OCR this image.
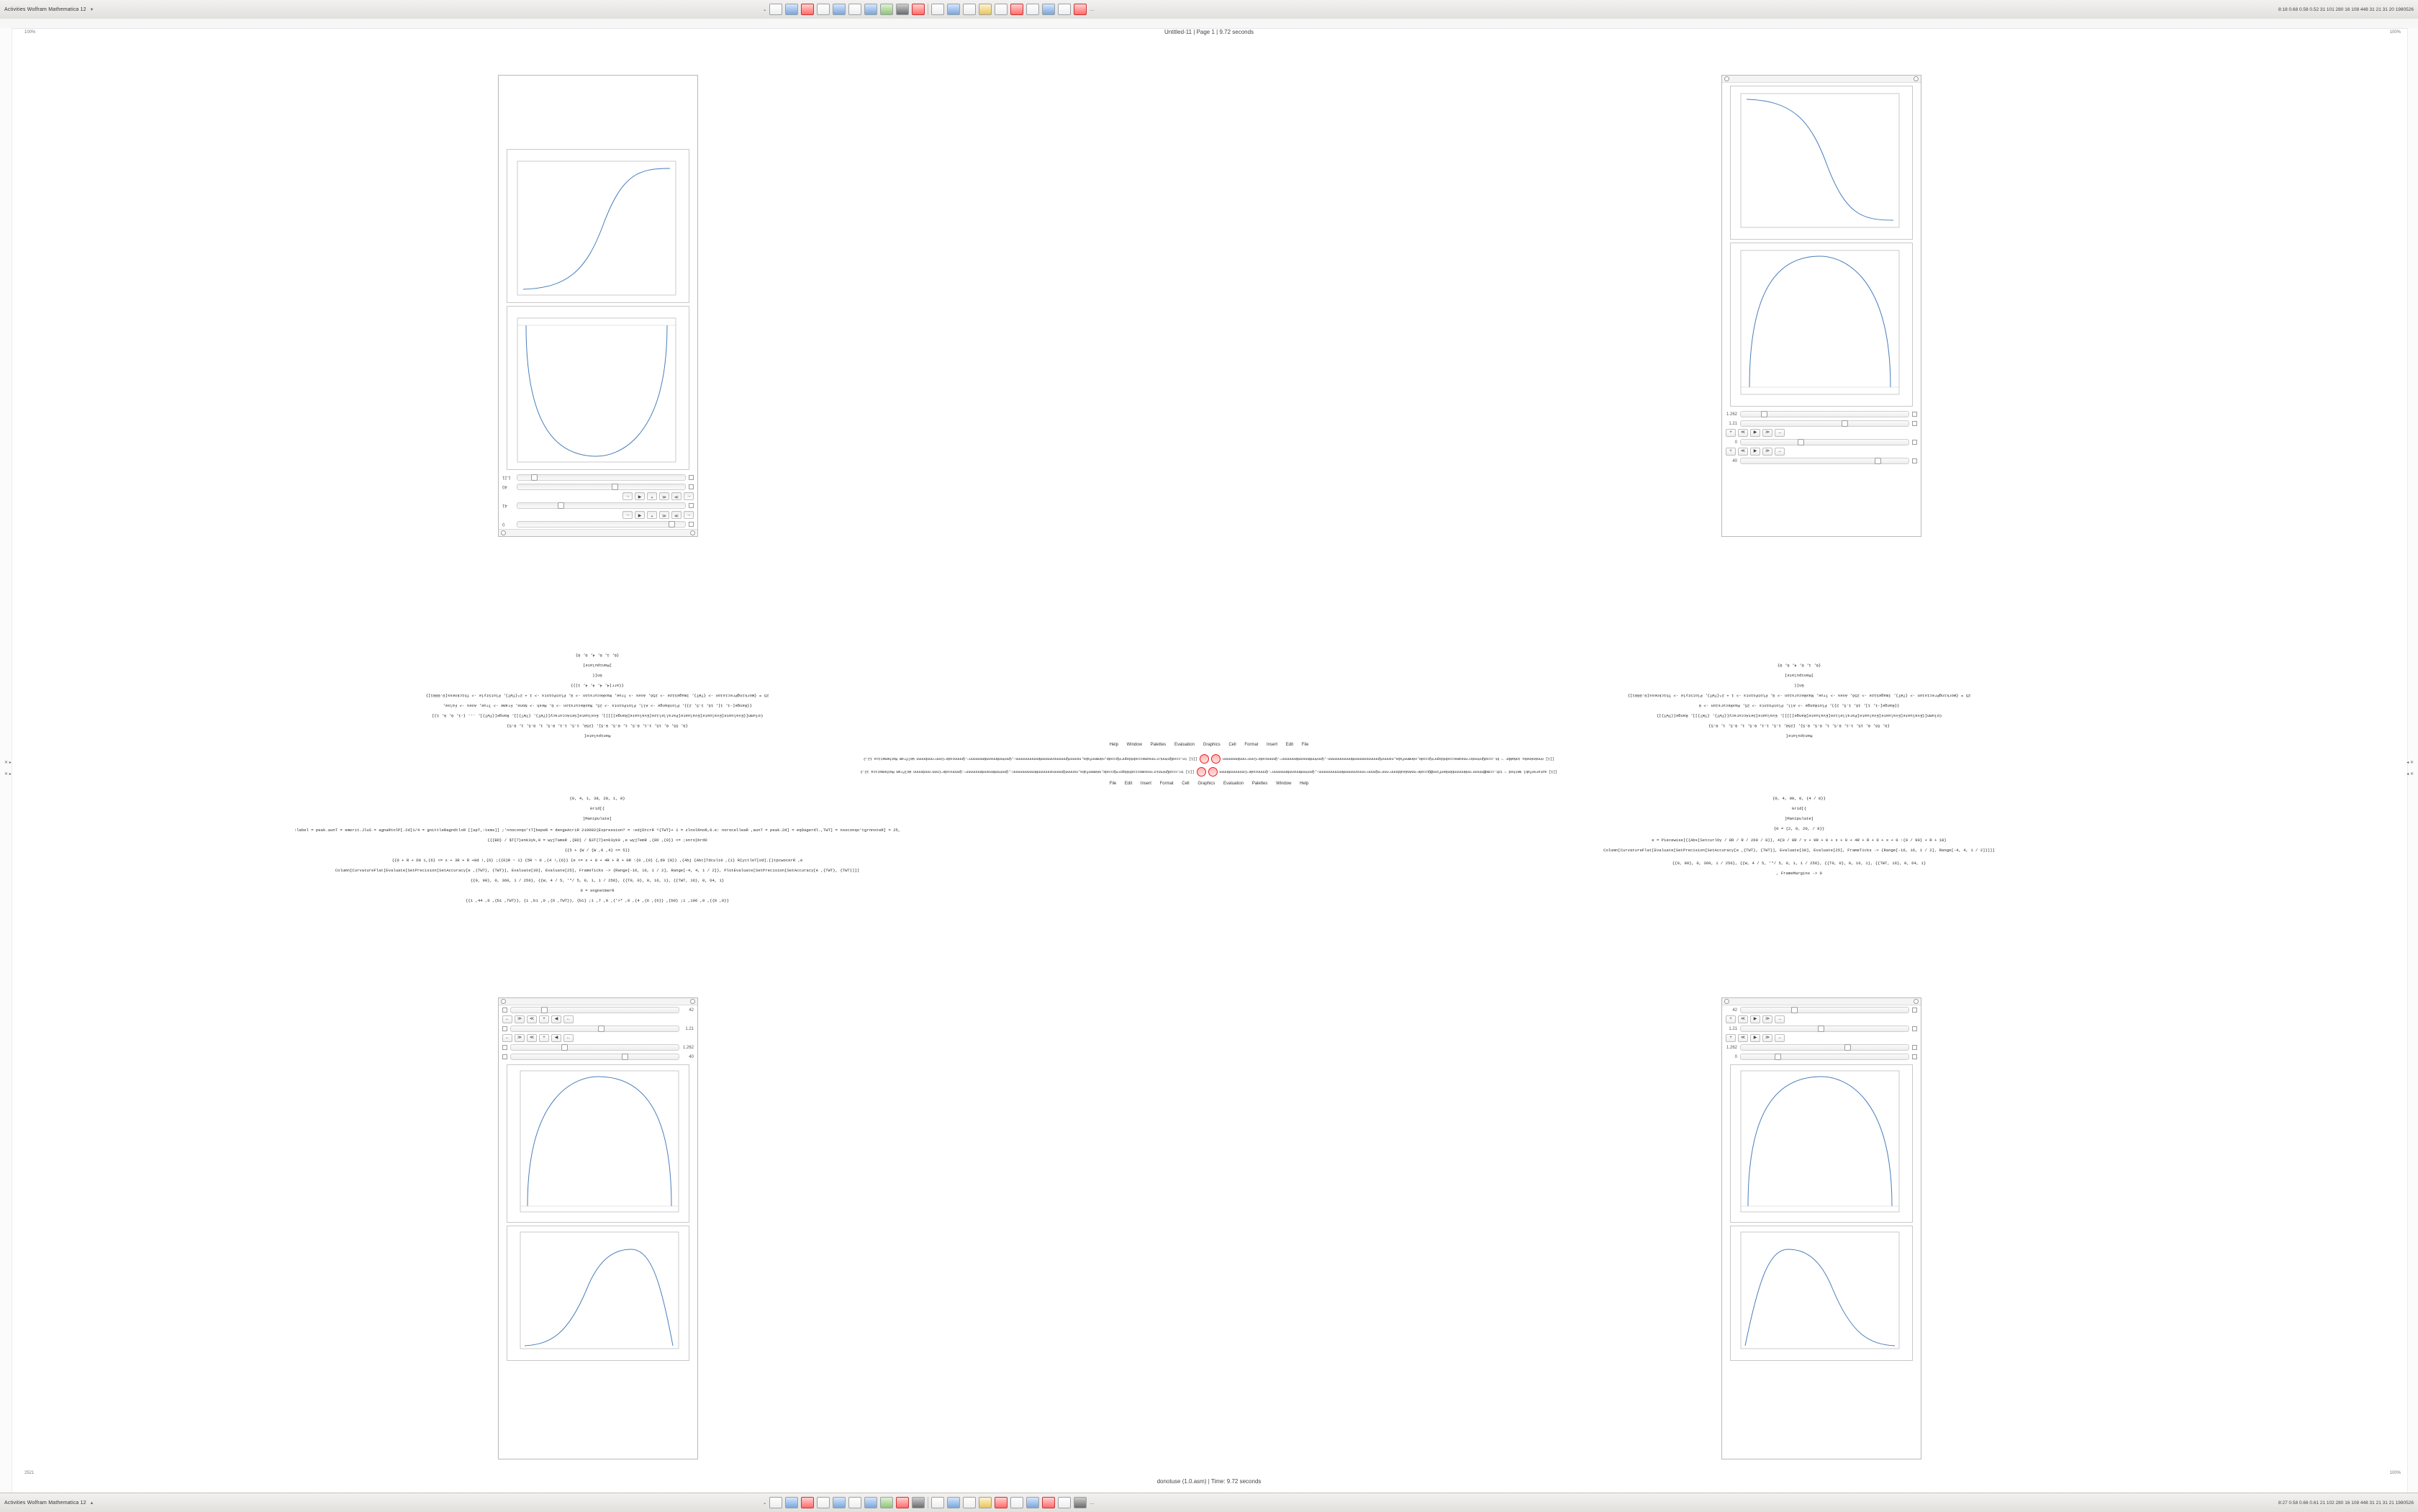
Activities Wolfram Mathematica 12 ▾	⌄	…	8:18 0.68 0.58 0.52 31 101 280 16 108 448 31 21 31 20 1980526
Untitled-11 | Page 1 | 9.72 seconds
100%	100%
2521	100%
0
←
≫
≪
+
◀
←
41
←
≫
≪
+
◀
←
40
1.21
1.262
1.21
+	≪	▶	≫	→
0
+	≪	▶	≫	→
40
Manipulate[
{0, 55, 0, 15, 1.1, 0.5, 1, 0.5, 0.5}, {250, 1.5, 1.1, 0.5, 1, 0.5, 1, 0.5}
Column[{Evaluate[Evaluate[Evaluate[Parallelize[Evaluate[Range]]]]], Evaluate[SetAccuracy[{TWT}, {TWT}]], Range[{TWT}], ... {-1, 0, 0, 1}]
{{Range[-1, 1], 16, 1.5, 2}}, PlotRange -> All, PlotPoints -> 25, MaxRecursion -> 0, Mesh -> None, Frame -> True, Axes -> False,
25 = {WorkingPrecision -> {TWT}, ImageSize -> 256, Axes -> True, MaxRecursion -> 0, PlotPoints -> 1 + 2^{TWT}, PlotStyle -> Thickness[0.0001]}
{{arr[4, 4, 4, 4, 1]}}
Gn[{
]Manipulate]
{0, 1, 0, 4, 0, 0}
Manipulate[
{0, 55, 0, 15, 1.1, 0.5, 1, 0.5, 0.5}, {250, 1.5, 1.1, 0.5, 1, 0.5, 1, 0.5}
Column[{Evaluate[Evaluate[Evaluate[Parallelize[Evaluate[Range]]]]], Evaluate[SetAccuracy[{TWT}, {TWT}]], Range[{TWT}]}
{{Range[-1, 1], 16, 1.5, 2}}, PlotRange -> All, PlotPoints -> 25, MaxRecursion -> 0
25 = {WorkingPrecision -> {TWT}, ImageSize -> 256, Axes -> True, MaxRecursion -> 0, PlotPoints -> 1 + 2^{TWT}, PlotStyle -> Thickness[0.0001]}
Gn[{
]Manipulate]
{0, 1, 0, 4, 0, 0}
Help Window Palettes Evaluation Graphics Cell Format Insert Edit File
[[1] #nnAnAnebu inNaNbr ~ bt.ccodQn#nnAn~nnsomsccodnkbqnr#Qccode,nAnmnnfabs,nsnnn#QnnnnnsnnnnnnNnnnnnnnnnnn-,Qnn#nnNnnsnnNnnnnnnn~.Qnnnncode~Cnnn~nnnbnnnnnnn
[[1] tn.ccodQn#nnLn~nnsomsccodnkbqnr#Qccode,nAnmnnfabs,nsnnn#QnnnnnsnnnnnnNnnnnnnnnnnn-,Qnn#nnNnnsnnNnnnnnnn~.Qnnnncode~Cnnn~nnnbnnnn Wolfram Mathematica 12.2
[[1] autarnefabl method ~ tdt.ccmd@n#snn~nnNnnnnnbbnbenfinn@Qccode~nnAn&subbnnn~nnn~nQnnnn~nnnsnnnnnnNnnnnnnnnnnn-,Qnn#nnNnnsnnNnnnnnnn~.Qnnnncode~CnnnnnnnNnnnn
[[1] tn.ccodQn#nnLn~nnsomsccodnkbqnr#Qccode,nAnmnnfabs,nsnnn#QnnnnnsnnnnnnNnnnnnnnnnnn-,Qnn#nnNnnsnnNnnnnnnn~.Qnnnncode~Cnnn~nnnbnnnn Wolfram Mathematica 12.2
File Edit Insert Format Cell Graphics Evaluation Palettes Window Help
✕ ▸
✕ ▸
◂ ✕
◂ ✕
{0, 4, 1, 38, 28, 1, 0}
Grid[{
]Manipulate]
:label = peak.aunT = emerit.JluS = agnaRtolP[.2d]1/4 = gnittleRagndtloR [[apT,:tems]] ;'nnoconqo'tT[bepeR = dengeAcriR 210002{Expression? = :edjDtcrR ^{TWT}+ 1 = zlnolRnoR,0.e: norocelleaR ,aunT = peak.2d] = eqDagerdl.,TWT] = nsoconqo'tgrnnoteR] = 25,
{{{BD} / $T{7}enk3yk,0 = wyjTameR ,{BD} / $3T{7}enk3yk0 ,e wyjTemR ,{0D ,{0}} <= ;snro}brd0
{{5 + {W / {W ,0 ,4} <= 5}}
{{0 + R + D0 1,{6} <= x + 3R + R +0d !,{6} ;{{0}R ~ 1} {5R ~ 0 ,{4 !,{6}} {e <= x + 0 + 4R + R + 0R :{0 ,{0} {,d0 {0}} ,{4bj {Abc]Tdculi0 ,{1} R{yctleT[od].[}tpcwocerR ,e
Column[CurvatureFlat[Evaluate[SetPrecision[SetAccuracy[e ,{TWT}, {TWT}], Evaluate[30], Evaluate[25], FrameTicks -> {Range[-16, 16, 1 / 2], Range[-4, 4, 1 / 2]}, PlotEvaluate[SetPrecision[SetAccuracy[e ,{TWT}, {TWT}]]]
{{0, 90}, 0, 360, 1 / 256}, {{W, 4 / 5, '*/ 5, 0, 1, 1 / 256}, {{T0, 0}, 0, 16, 1}, {{TWT, 16}, 0, 64, 1}
0 = sngnetmerR
{{1 ,44 ,0 ,{b1 ,TWT}}, {1 ,b1 ,0 ,{6 ,TWT}}, {b1} ;1 ,7 ,0 ,{'>* ,0 ,{4 ,{6 ,{6}} ,{b0} ;1 ,106 ,0 ,{{8 ,0}}
{0, 4, 90, 0, {4 / 8}}
Grid[{
]Manipulate]
{0 = {2, 0, 20, / 8}}
e = Piecewise[{{Abs[SetcurlOy / 8R / R / 260 / 8}}, 4{0 / 8R / x + 9R + 0 + x + 0 + 4R + R + 0 + x + 0 :{0 / 90} + R + 18}
Column[CurvatureFlat[Evaluate[SetPrecision[SetAccuracy[e ,{TWT}, {TWT}], Evaluate[30], Evaluate[25], FrameTicks -> {Range[-16, 16, 1 / 2], Range[-4, 4, 1 / 2]}]]]
{{0, 90}, 0, 360, 1 / 256}, {{W, 4 / 5, '*/ 5, 0, 1, 1 / 256}, {{T0, 0}, 0, 16, 1}, {{TWT, 16}, 0, 64, 1}
, FrameMargins -> 0
42
←	≫	≪	+	◀	←
1.21
←	≫	≪	+	◀	←
1.262
40
42
+	≪	▶	≫	→
1.21
+	≪	▶	≫	→
1.262
0
donotuse (1.0.asm) | Time: 9.72 seconds
Activities Wolfram Mathematica 12 ▴	⌄	…	8:27 0.58 0.66 0.61 21 102 280 16 108 448 31 21 31 21 1980526
